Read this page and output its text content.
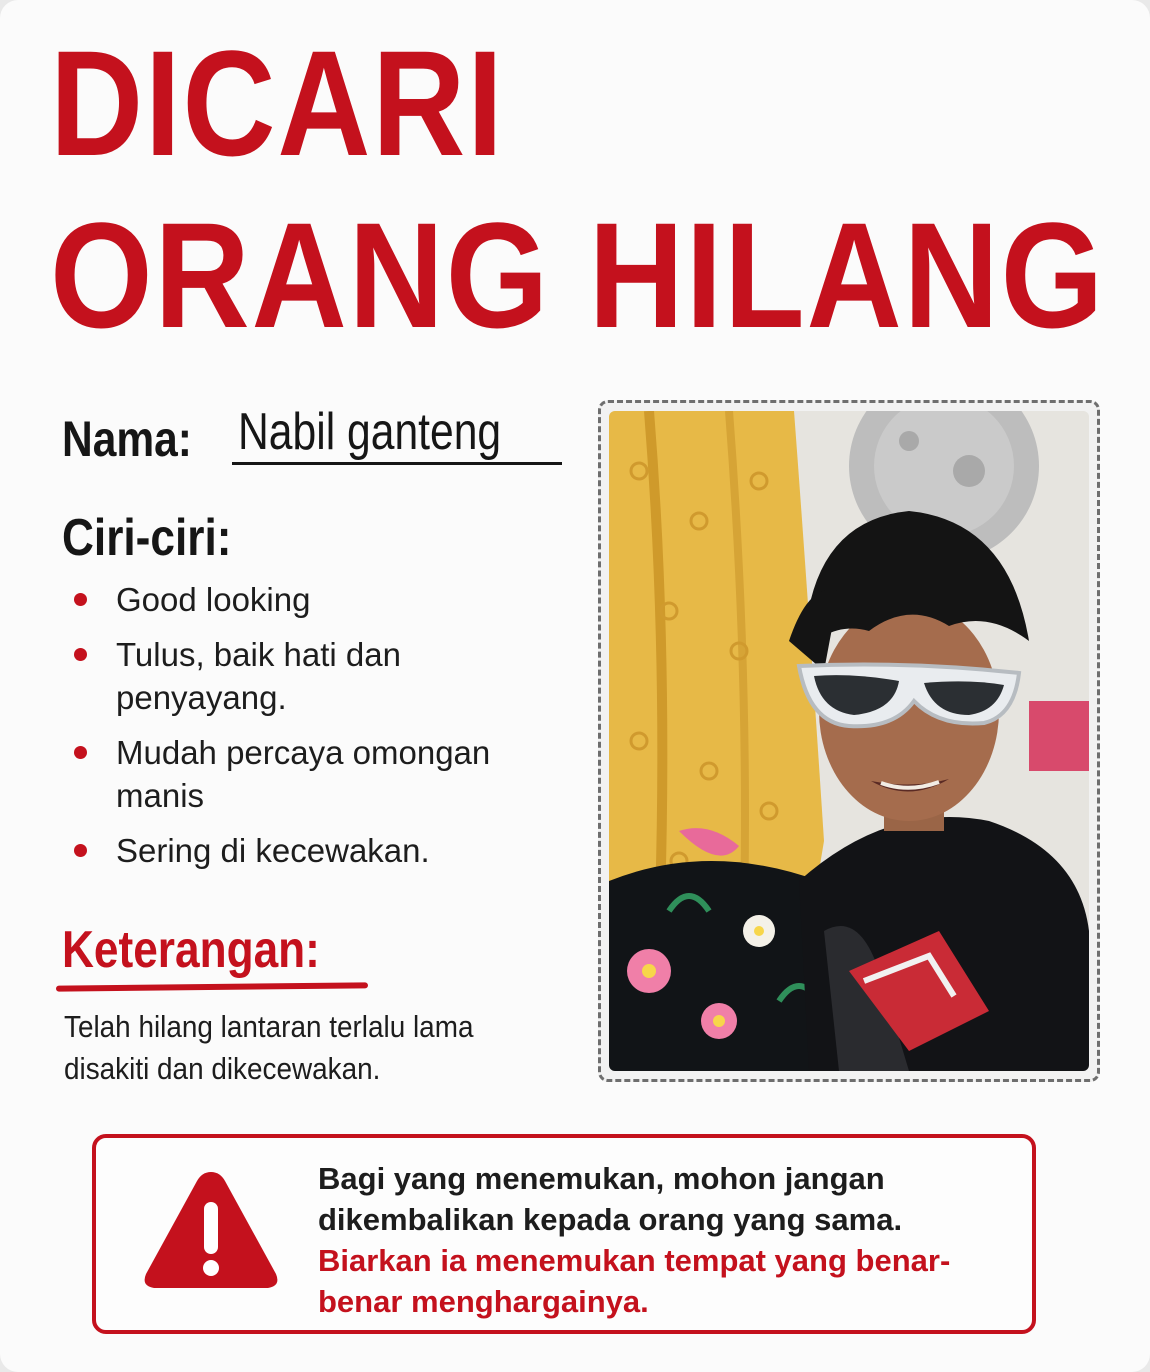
DICARI
ORANG HILANG
Nama: Nabil ganteng
Ciri-ciri:
Good looking
Tulus, baik hati dan penyayang.
Mudah percaya omongan manis
Sering di kecewakan.
Keterangan:
Telah hilang lantaran terlalu lama disakiti dan dikecewakan.
Bagi yang menemukan, mohon jangan dikembalikan kepada orang yang sama.
Biarkan ia menemukan tempat yang benar-benar menghargainya.
